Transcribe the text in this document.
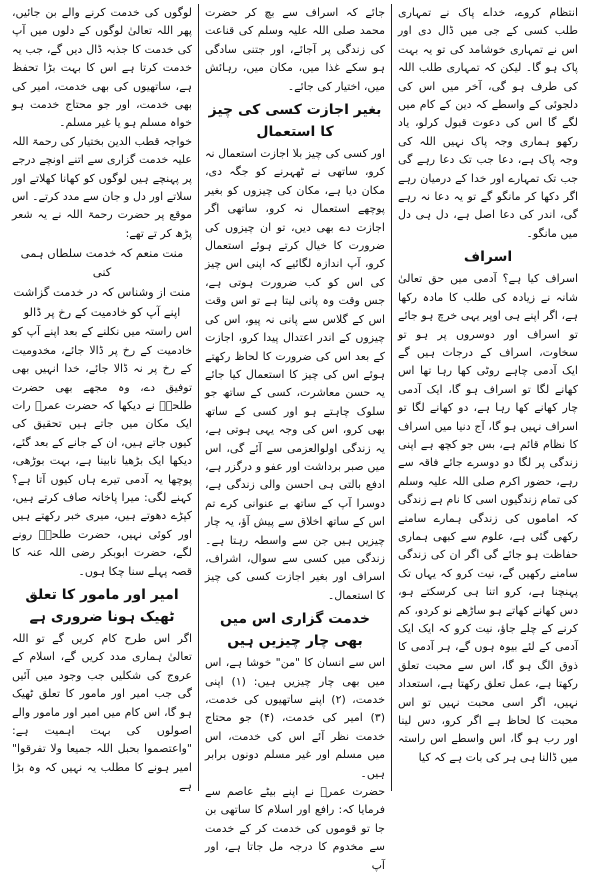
انتظام کروے، خداے پاک نے تمہاری طلب کسی کے جی میں ڈال دی اور اس نے تمہاری خوشامد کی تو یہ بہت پاک ہو گا۔ لیکن کہ تمہاری طلب اللہ کی طرف ہو گی، آخر میں اس کی دلجوئی کے واسطے کہ دین کے کام میں لگے گا اس کی دعوت قبول کرلو، یاد رکھو ہماری وجہ پاک نہیں اللہ کی وجہ پاک ہے، دعا جب تک دعا رہے گی جب تک تمہارے اور خدا کے درمیان رہے اگر دکھا کر مانگو گے تو یہ دعا نہ رہے گی، اندر کی دعا اصل ہے، دل ہی دل میں مانگو۔

اسراف

اسراف کیا ہے؟ آدمی میں حق تعالیٰ شانہ نے زیادہ کی طلب کا مادہ رکھا ہے، اگر اپنے ہی اوپر یہی خرچ ہو جائے تو اسراف اور دوسروں پر ہو تو سخاوت، اسراف کے درجات ہیں گے ایک آدمی چاہے روٹی کھا رہا تھا اس کھانے لگا تو اسراف ہو گا، ایک آدمی چار کھانے کھا رہا ہے، دو کھانے لگا تو اسراف نہیں ہو گا، آج دنیا میں اسراف کا نظام قائم ہے، بس جو کچھ ہے اپنی زندگی پر لگا دو دوسرے جائے فاقہ سے رہے، حضور اکرم صلی اللہ علیہ وسلم کی تمام زندگیوں اسی کا نام ہے زندگی کہ اماموں کی زندگی ہمارے سامنے رکھی گئی ہے، علوم سے کبھی ہماری حفاظت ہو جائے گی اگر ان کی زندگی سامنے رکھیں گے، نیت کرو کہ یہاں تک پہنچنا ہے، کرو اتنا ہی کرسکتے ہو، دس کھانے کھاتے ہو ساڑھے نو کردو، کم کرنے کے چلے جاؤ، نیت کرو کہ ایک ایک آدمی کے لئے بیوہ ہوں گے، ہر آدمی کا ذوق الگ ہو گا، اس سے محبت تعلق رکھتا ہے، عمل تعلق رکھتا ہے، استعداد نہیں، اگر اسی محبت نہیں تو اس محبت کا لحاظ ہے اگر کرو، دس لینا اور رب ہو گا، اس واسطے اس راستہ میں ڈالنا ہی ہر کی بات ہے کہ کیا

جائے کہ اسراف سے بچ کر حضرت محمد صلی اللہ علیہ وسلم کی قناعت کی زندگی پر آجائے، اور جتنی سادگی ہو سکے غذا میں، مکان میں، رہائش میں، اختیار کی جائے۔

بغیر اجازت کسی کی چیز کا استعمال

اور کسی کی چیز بلا اجازت استعمال نہ کرو، ساتھی نے ٹھہرنے کو جگہ دی، مکان دیا ہے، مکان کی چیزوں کو بغیر پوچھے استعمال نہ کرو، ساتھی اگر اجازت دے بھی دیں، تو ان چیزوں کی ضرورت کا خیال کرتے ہوئے استعمال کرو، آپ اندازہ لگائیے کہ اپنی اس چیز کی اس کو کب ضرورت ہوتی ہے، جس وقت وہ پانی لیتا ہے تو اس وقت اس کے گلاس سے پانی نہ پیو، اس کی چیزوں کے اندر اعتدال پیدا کرو، اجازت کے بعد اس کی ضرورت کا لحاظ رکھتے ہوئے اس کی چیز کا استعمال کیا جائے یہ حسن معاشرت، کسی کے ساتھ جو سلوک چاہتے ہو اور کسی کے ساتھ بھی کرو، اس کی وجہ یہی ہوتی ہے، یہ زندگی اولوالعزمی سے آئے گی، اس میں صبر برداشت اور عفو و درگزر ہے، ادفع بالتی ہی احسن والی زندگی ہے، دوسرا آپ کے ساتھ بے عنوانی کرے تم اس کے ساتھ اخلاق سے پیش آؤ، یہ چار چیزیں ہیں جن سے واسطہ رہتا ہے۔ زندگی میں کسی سے سوال، اشراف، اسراف اور بغیر اجازت کسی کی چیز کا استعمال۔

خدمت گزاری اس میں بھی چار چیزیں ہیں

اس سے انسان کا "من" خوشا ہے، اس میں بھی چار چیزیں ہیں: (۱) اپنی خدمت، (۲) اپنے ساتھیوں کی خدمت، (۳) امیر کی خدمت، (۴) جو محتاج خدمت نظر آئے اس کی خدمت، اس میں مسلم اور غیر مسلم دونوں برابر ہیں۔

حضرت عمرؓ نے اپنے بیٹے عاصم سے فرمایا کہ: رافع اور اسلام کا ساتھی بن جا تو قوموں کی خدمت کر کے خدمت سے مخدوم کا درجہ مل جاتا ہے، اور آپ

لوگوں کی خدمت کرنے والے بن جائیں، پھر اللہ تعالیٰ لوگوں کے دلوں میں آپ کی خدمت کا جذبہ ڈال دیں گے، جب یہ خدمت کرتا ہے اس کا بہت بڑا تحفظ ہے، ساتھیوں کی بھی خدمت، امیر کی بھی خدمت، اور جو محتاج خدمت ہو خواہ مسلم ہو یا غیر مسلم۔

خواجہ قطب الدین بختیار کی رحمۃ اللہ علیہ خدمت گزاری سے اتنے اونچے درجے پر پہنچے ہیں لوگوں کو کھانا کھلاتے اور سلاتے اور دل و جان سے مدد کرتے۔ اس موقع پر حضرت رحمۃ اللہ نے یہ شعر پڑھ کر تے تھے:

منت منعم کہ خدمت سلطاں ہمی کنی

منت از وشناس کہ در خدمت گزاشت

اپنے آپ کو خادمیت کے رخ پر ڈالو

اس راستہ میں نکلنے کے بعد اپنے آپ کو خادمیت کے رخ پر ڈالا جائے، مخدومیت کے رخ پر نہ ڈالا جائے، خدا انہیں بھی توفیق دے، وہ مجھے بھی حضرت طلحہؓ نے دیکھا کہ حضرت عمرؓ رات ایک مکان میں جاتے ہیں تحقیق کی کیوں جاتے ہیں، ان کے جانے کے بعد گئے، دیکھا ایک بڑھیا نابینا ہے، بہت بوڑھی، پوچھا یہ آدمی تیرے ہاں کیوں آتا ہے؟ کہنے لگی: میرا پاخانہ صاف کرتے ہیں، کپڑے دھوتے ہیں، میری خبر رکھتے ہیں اور کوئی نہیں، حضرت طلحہؓ رونے لگے، حضرت ابوبکر رضی اللہ عنہ کا قصہ پہلے سنا چکا ہوں۔

امیر اور مامور کا تعلق ٹھیک ہونا ضروری ہے

اگر اس طرح کام کریں گے تو اللہ تعالیٰ ہماری مدد کریں گے، اسلام کے عروج کی شکلیں جب وجود میں آئیں گی جب امیر اور مامور کا تعلق ٹھیک ہو گا، اس کام میں امیر اور مامور والے اصولوں کی بہت اہمیت ہے: "واعتصموا بحبل اللہ جمیعا ولا تفرقوا" امیر ہونے کا مطلب یہ نہیں کہ وہ بڑا ہے
